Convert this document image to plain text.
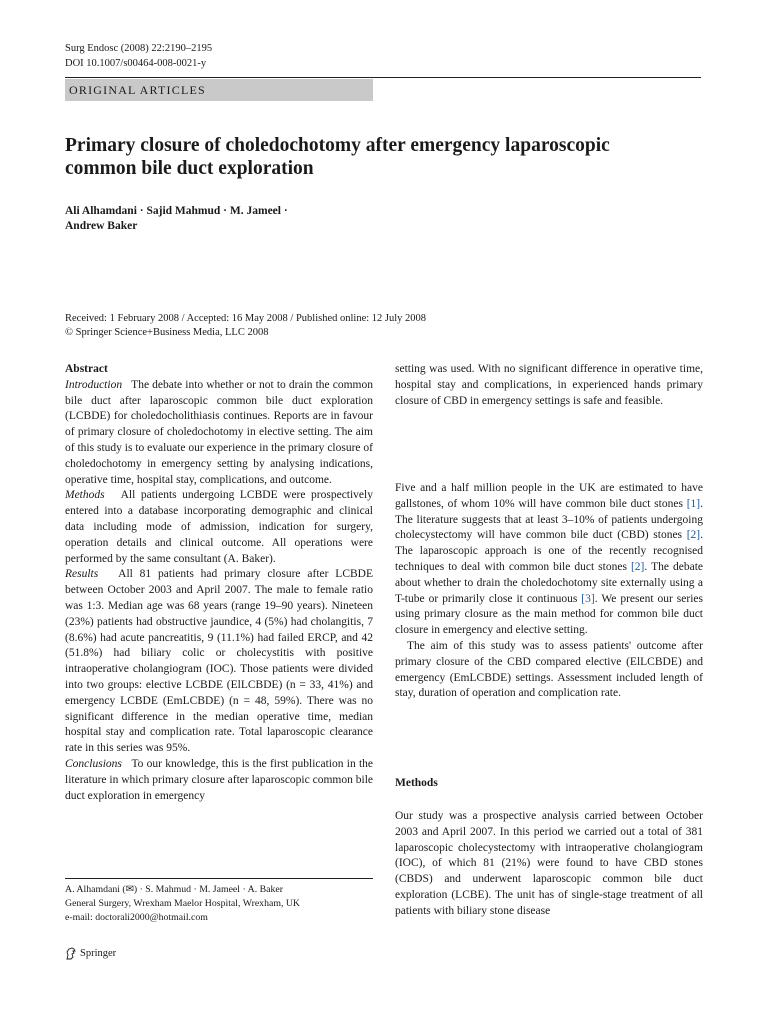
Surg Endosc (2008) 22:2190–2195
DOI 10.1007/s00464-008-0021-y
ORIGINAL ARTICLES
Primary closure of choledochotomy after emergency laparoscopic
common bile duct exploration
Ali Alhamdani · Sajid Mahmud · M. Jameel ·
Andrew Baker
Received: 1 February 2008 / Accepted: 16 May 2008 / Published online: 12 July 2008
© Springer Science+Business Media, LLC 2008

Abstract

Introduction The debate into whether or not to drain the common bile duct after laparoscopic common bile duct exploration (LCBDE) for choledocholithiasis continues. Reports are in favour of primary closure of choledochotomy in elective setting. The aim of this study is to evaluate our experience in the primary closure of choledochotomy in emergency setting by analysing indications, operative time, hospital stay, complications, and outcome.

Methods All patients undergoing LCBDE were prospectively entered into a database incorporating demographic and clinical data including mode of admission, indication for surgery, operation details and clinical outcome. All operations were performed by the same consultant (A. Baker).

Results All 81 patients had primary closure after LCBDE between October 2003 and April 2007. The male to female ratio was 1:3. Median age was 68 years (range 19–90 years). Nineteen (23%) patients had obstructive jaundice, 4 (5%) had cholangitis, 7 (8.6%) had acute pancreatitis, 9 (11.1%) had failed ERCP, and 42 (51.8%) had biliary colic or cholecystitis with positive intraoperative cholangiogram (IOC). Those patients were divided into two groups: elective LCBDE (ElLCBDE) (n = 33, 41%) and emergency LCBDE (EmLCBDE) (n = 48, 59%). There was no significant difference in the median operative time, median hospital stay and complication rate. Total laparoscopic clearance rate in this series was 95%.

Conclusions To our knowledge, this is the first publication in the literature in which primary closure after laparoscopic common bile duct exploration in emergency

setting was used. With no significant difference in operative time, hospital stay and complications, in experienced hands primary closure of CBD in emergency settings is safe and feasible.

Five and a half million people in the UK are estimated to have gallstones, of whom 10% will have common bile duct stones [1]. The literature suggests that at least 3–10% of patients undergoing cholecystectomy will have common bile duct (CBD) stones [2]. The laparoscopic approach is one of the recently recognised techniques to deal with common bile duct stones [2]. The debate about whether to drain the choledochotomy site externally using a T-tube or primarily close it continuous [3]. We present our series using primary closure as the main method for common bile duct closure in emergency and elective setting.

The aim of this study was to assess patients' outcome after primary closure of the CBD compared elective (ElLCBDE) and emergency (EmLCBDE) settings. Assessment included length of stay, duration of operation and complication rate.

Methods
Our study was a prospective analysis carried between October 2003 and April 2007. In this period we carried out a total of 381 laparoscopic cholecystectomy with intraoperative cholangiogram (IOC), of which 81 (21%) were found to have CBD stones (CBDS) and underwent laparoscopic common bile duct exploration (LCBE). The unit has of single-stage treatment of all patients with biliary stone disease
A. Alhamdani (✉) · S. Mahmud · M. Jameel · A. Baker
General Surgery, Wrexham Maelor Hospital, Wrexham, UK
e-mail: doctorali2000@hotmail.com
Springer
